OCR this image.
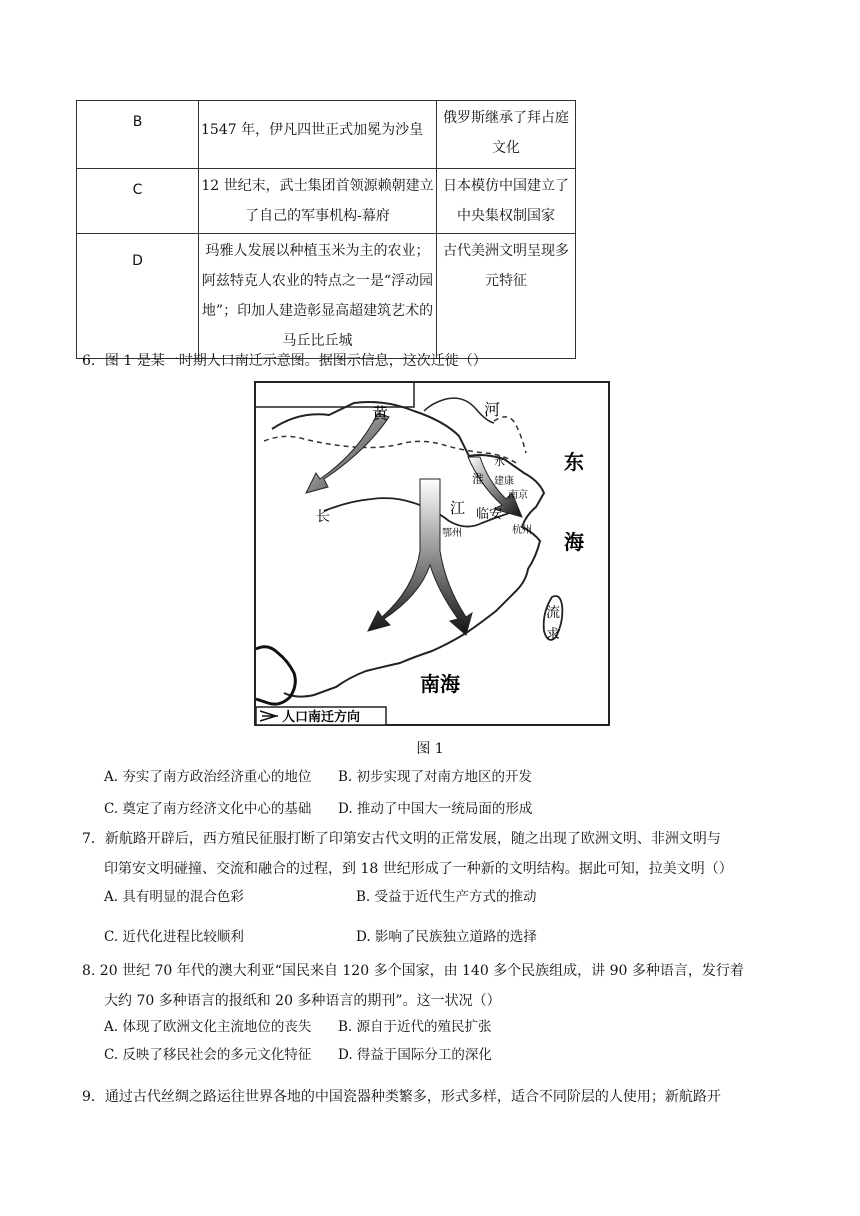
B	1547 年，伊凡四世正式加冕为沙皇	俄罗斯继承了拜占庭文化
C	12 世纪末，武士集团首领源赖朝建立了自己的军事机构-幕府	日本模仿中国建立了中央集权制国家
D	玛雅人发展以种植玉米为主的农业；阿兹特克人农业的特点之一是“浮动园地”；印加人建造彰显高超建筑艺术的马丘比丘城	古代美洲文明呈现多元特征
6．图 1 是某一时期人口南迁示意图。据图示信息，这次迁徙（）
黄	河
东
海
水
淮 建康
南京
长	江
鄂州
临安
杭州
流
求
南海
人口南迁方向
图 1
A. 夯实了南方政治经济重心的地位 B. 初步实现了对南方地区的开发
C. 奠定了南方经济文化中心的基础 D. 推动了中国大一统局面的形成
7．新航路开辟后，西方殖民征服打断了印第安古代文明的正常发展，随之出现了欧洲文明、非洲文明与
印第安文明碰撞、交流和融合的过程，到 18 世纪形成了一种新的文明结构。据此可知，拉美文明（）
A. 具有明显的混合色彩	B. 受益于近代生产方式的推动
C. 近代化进程比较顺利	D. 影响了民族独立道路的选择
8. 20 世纪 70 年代的澳大利亚“国民来自 120 多个国家，由 140 多个民族组成，讲 90 多种语言，发行着
大约 70 多种语言的报纸和 20 多种语言的期刊”。这一状况（）
A. 体现了欧洲文化主流地位的丧失 B. 源自于近代的殖民扩张
C. 反映了移民社会的多元文化特征 D. 得益于国际分工的深化
9．通过古代丝绸之路运往世界各地的中国瓷器种类繁多，形式多样，适合不同阶层的人使用；新航路开
